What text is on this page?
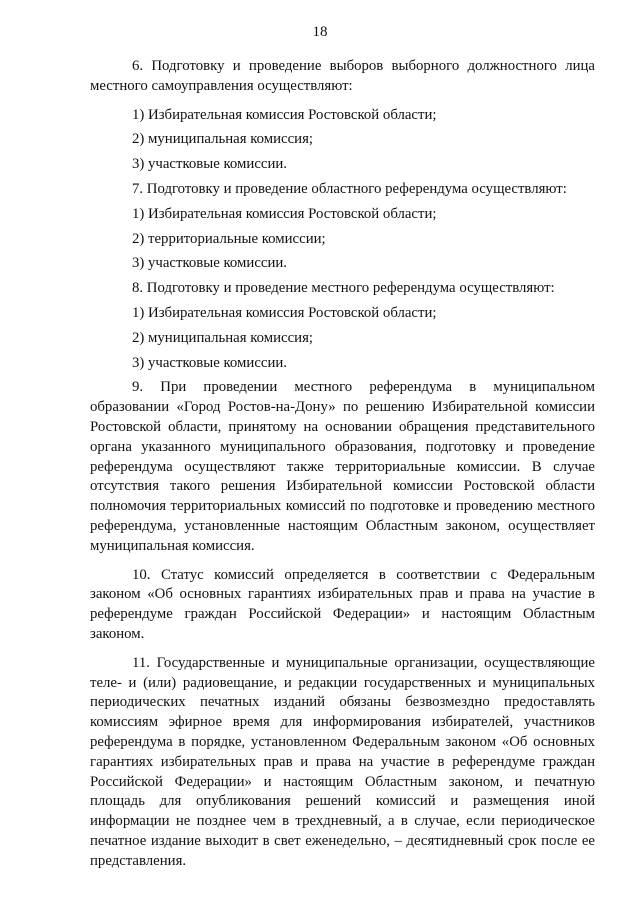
18

6. Подготовку и проведение выборов выборного должностного лица местного самоуправления осуществляют:

1) Избирательная комиссия Ростовской области;

2) муниципальная комиссия;

3) участковые комиссии.

7. Подготовку и проведение областного референдума осуществляют:

1) Избирательная комиссия Ростовской области;

2) территориальные комиссии;

3) участковые комиссии.

8. Подготовку и проведение местного референдума осуществляют:

1) Избирательная комиссия Ростовской области;

2) муниципальная комиссия;

3) участковые комиссии.

9. При проведении местного референдума в муниципальном образовании «Город Ростов-на-Дону» по решению Избирательной комиссии Ростовской области, принятому на основании обращения представительного органа указанного муниципального образования, подготовку и проведение референдума осуществляют также территориальные комиссии. В случае отсутствия такого решения Избирательной комиссии Ростовской области полномочия территориальных комиссий по подготовке и проведению местного референдума, установленные настоящим Областным законом, осуществляет муниципальная комиссия.

10. Статус комиссий определяется в соответствии с Федеральным законом «Об основных гарантиях избирательных прав и права на участие в референдуме граждан Российской Федерации» и настоящим Областным законом.

11. Государственные и муниципальные организации, осуществляющие теле- и (или) радиовещание, и редакции государственных и муниципальных периодических печатных изданий обязаны безвозмездно предоставлять комиссиям эфирное время для информирования избирателей, участников референдума в порядке, установленном Федеральным законом «Об основных гарантиях избирательных прав и права на участие в референдуме граждан Российской Федерации» и настоящим Областным законом, и печатную площадь для опубликования решений комиссий и размещения иной информации не позднее чем в трехдневный, а в случае, если периодическое печатное издание выходит в свет еженедельно, – десятидневный срок после ее представления.
